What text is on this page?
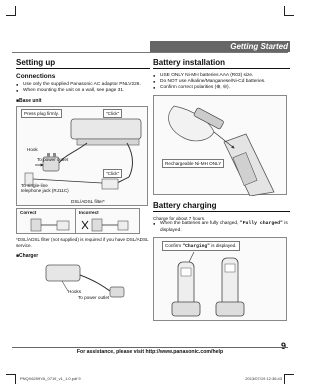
Getting Started
Setting up
Connections
● Use only the supplied Panasonic AC adaptor PNLV226.
● When mounting the unit on a wall, see page 31.
■ Base unit
Press plug firmly.	"Click"
Hook
To power outlet
"Click"
To single-line telephone jack (RJ11C)
DSL/ADSL filter*
Correct	Incorrect
*DSL/ADSL filter (not supplied) is required if you have DSL/ADSL service.
■ Charger
Hooks
To power outlet
Battery installation
● USE ONLY Ni-MH batteries AAA (R03) size.
● Do NOT use Alkaline/Manganese/Ni-Cd batteries.
● Confirm correct polarities (⊕, ⊖).
Rechargeable Ni-MH ONLY
Battery charging
Charge for about 7 hours.
● When the batteries are fully charged, "Fully charged" is displayed.
Confirm "Charging" is displayed.
9
For assistance, please visit http://www.panasonic.com/help
PNQX6299YA_0719_v1_1.0.pdf 9	2013/07/19 12:36:43
